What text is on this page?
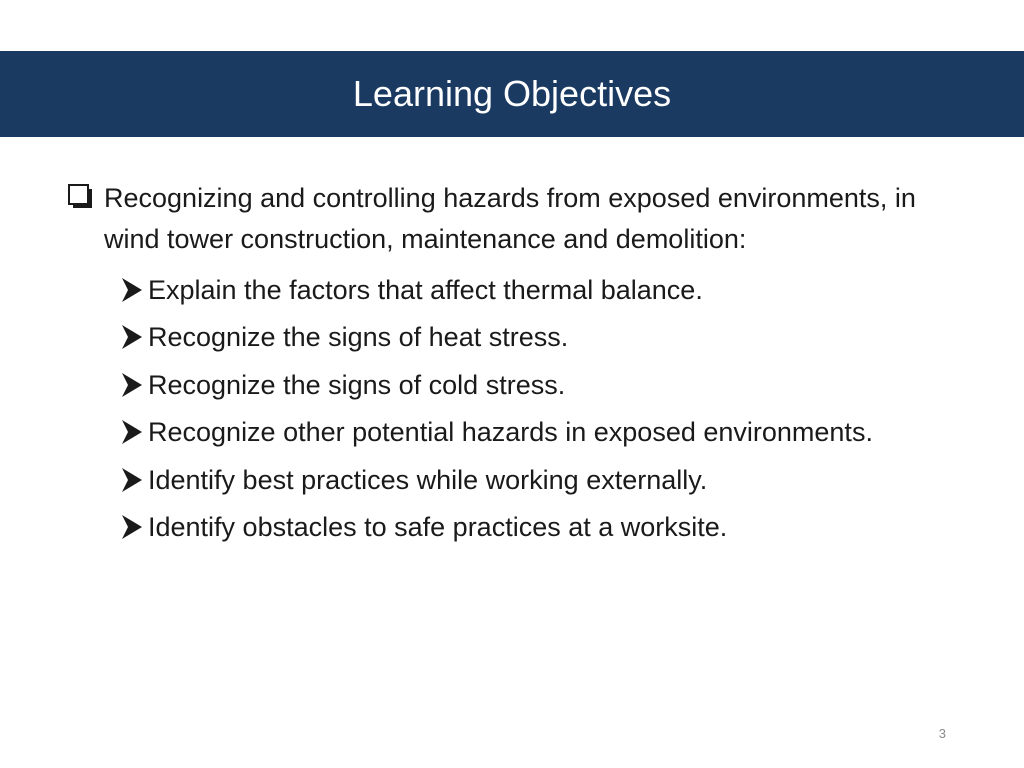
Learning Objectives
Recognizing and controlling hazards from exposed environments, in wind tower construction, maintenance and demolition:
Explain the factors that affect thermal balance.
Recognize the signs of heat stress.
Recognize the signs of cold stress.
Recognize other potential hazards in exposed environments.
Identify best practices while working externally.
Identify obstacles to safe practices at a worksite.
3
